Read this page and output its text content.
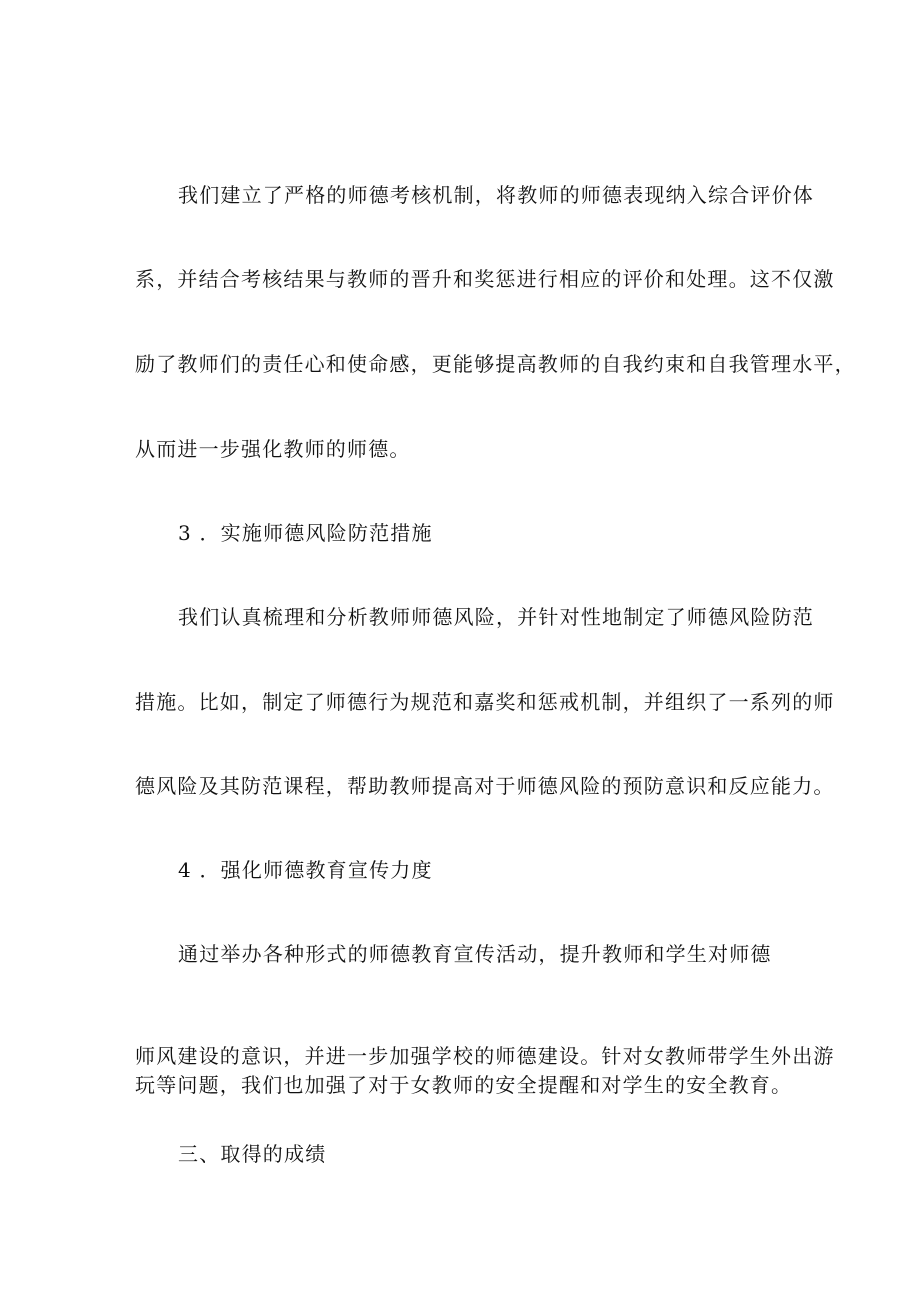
我们建立了严格的师德考核机制，将教师的师德表现纳入综合评价体
系，并结合考核结果与教师的晋升和奖惩进行相应的评价和处理。这不仅激
励了教师们的责任心和使命感，更能够提高教师的自我约束和自我管理水平，
从而进一步强化教师的师德。
3 ．实施师德风险防范措施
我们认真梳理和分析教师师德风险，并针对性地制定了师德风险防范
措施。比如，制定了师德行为规范和嘉奖和惩戒机制，并组织了一系列的师
德风险及其防范课程，帮助教师提高对于师德风险的预防意识和反应能力。
4 ．强化师德教育宣传力度
通过举办各种形式的师德教育宣传活动，提升教师和学生对师德
师风建设的意识，并进一步加强学校的师德建设。针对女教师带学生外出游
玩等问题，我们也加强了对于女教师的安全提醒和对学生的安全教育。
三、取得的成绩
